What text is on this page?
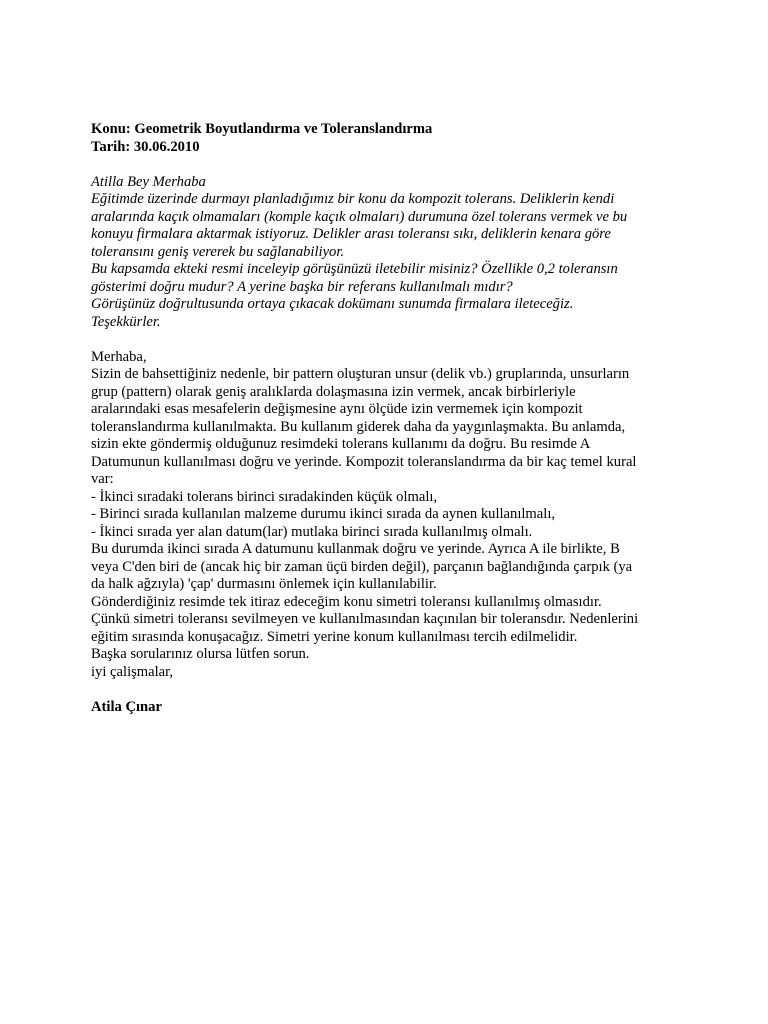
Konu: Geometrik Boyutlandırma ve Toleranslandırma
Tarih: 30.06.2010
Atilla Bey Merhaba
Eğitimde üzerinde durmayı planladığımız bir konu da kompozit tolerans. Deliklerin kendi
aralarında kaçık olmamaları (komple kaçık olmaları) durumuna özel tolerans vermek ve bu
konuyu firmalara aktarmak istiyoruz. Delikler arası toleransı sıkı, deliklerin kenara göre
toleransını geniş vererek bu sağlanabiliyor.
Bu kapsamda ekteki resmi inceleyip görüşünüzü iletebilir misiniz? Özellikle 0,2 toleransın
gösterimi doğru mudur? A yerine başka bir referans kullanılmalı mıdır?
Görüşünüz doğrultusunda ortaya çıkacak dokümanı sunumda firmalara ileteceğiz.
Teşekkürler.
Merhaba,
Sizin de bahsettiğiniz nedenle, bir pattern oluşturan unsur (delik vb.) gruplarında, unsurların
grup (pattern) olarak geniş aralıklarda dolaşmasına izin vermek, ancak birbirleriyle
aralarındaki esas mesafelerin değişmesine aynı ölçüde izin vermemek için kompozit
toleranslandırma kullanılmakta. Bu kullanım giderek daha da yaygınlaşmakta. Bu anlamda,
sizin ekte göndermiş olduğunuz resimdeki tolerans kullanımı da doğru. Bu resimde A
Datumunun kullanılması doğru ve yerinde. Kompozit toleranslandırma da bir kaç temel kural
var:
- İkinci sıradaki tolerans birinci sıradakinden küçük olmalı,
- Birinci sırada kullanılan malzeme durumu ikinci sırada da aynen kullanılmalı,
- İkinci sırada yer alan datum(lar) mutlaka birinci sırada kullanılmış olmalı.
Bu durumda ikinci sırada A datumunu kullanmak doğru ve yerinde. Ayrıca A ile birlikte, B
veya C'den biri de (ancak hiç bir zaman üçü birden değil), parçanın bağlandığında çarpık (ya
da halk ağzıyla) 'çap' durmasını önlemek için kullanılabilir.
Gönderdiğiniz resimde tek itiraz edeceğim konu simetri toleransı kullanılmış olmasıdır.
Çünkü simetri toleransı sevilmeyen ve kullanılmasından kaçınılan bir toleransdır. Nedenlerini
eğitim sırasında konuşacağız. Simetri yerine konum kullanılması tercih edilmelidir.
Başka sorularınız olursa lütfen sorun.
iyi çalişmalar,
Atila Çınar
